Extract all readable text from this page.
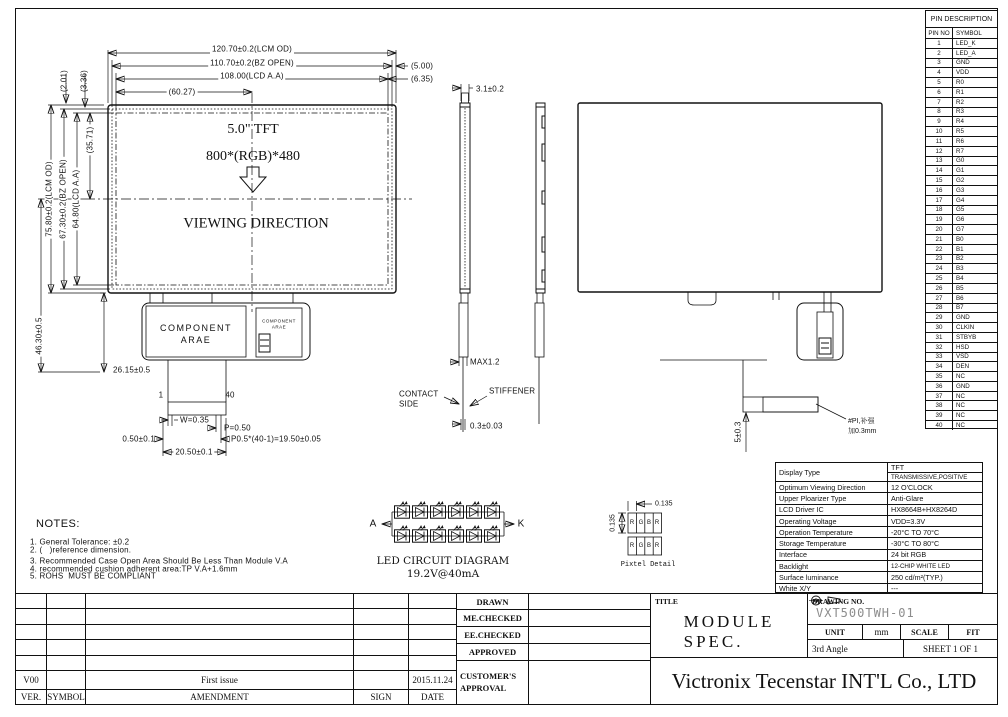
120.70±0.2(LCM OD)
110.70±0.2(BZ OPEN)
108.00(LCD A.A)
(60.27)
(5.00)
(6.35)
(2.01) (3.36)
(35.71)
75.80±0.2(LCM OD) 67.30±0.2(BZ OPEN) 64.80(LCD A.A)
46.30±0.5
26.15±0.5
5.0" TFT
800*(RGB)*480
VIEWING DIRECTION
COMPONENT
ARAE
COMPONENT
ARAE
1	40
W=0.35
P=0.50
0.50±0.1	P0.5*(40-1)=19.50±0.05
20.50±0.1
3.1±0.2
MAX1.2
CONTACT
SIDE
STIFFENER
0.3±0.03	5±0.3
#PI,补强
加0.3mm
A	K
LED CIRCUIT DIAGRAM
19.2V@40mA
0.135
0.135
R G B R
R G B R
Pixtel Detail
NOTES:
1. General Tolerance: ±0.2
2. (   )reference dimension.
3. Recommended Case Open Area Should Be Less Than Module V.A
4. recommended cushion adherent area:TP V.A+1.6mm
5. ROHS  MUST BE COMPLIANT
PIN DESCRIPTION
PIN NO	SYMBOL
1	LED_K
2	LED_A
3	GND
4	VDD
5	R0
6	R1
7	R2
8	R3
9	R4
10	R5
11	R6
12	R7
13	G0
14	G1
15	G2
16	G3
17	G4
18	G5
19	G6
20	G7
21	B0
22	B1
23	B2
24	B3
25	B4
26	B5
27	B6
28	B7
29	GND
30	CLKIN
31	STBYB
32	HSD
33	VSD
34	DEN
35	NC
36	GND
37	NC
38	NC
39	NC
40	NC
Display Type	TFT
TRANSMISSIVE,POSITIVE
Optimum Viewing Direction	12 O'CLOCK
Upper Ploarizer Type	Anti-Glare
LCD Driver IC	HX8664B+HX8264D
Operating Voltage	VDD=3.3V
Operation Temperature	-20°C TO 70°C
Storage Temperature	-30°C TO 80°C
Interface	24 bit RGB
Backlight	12-CHIP WHITE LED
Surface luminance	250 cd/m²(TYP.)
White X/Y	---
V00	First issue	2015.11.24
VER. SYMBOL	AMENDMENT	SIGN	DATE
DRAWN
ME.CHECKED
EE.CHECKED
APPROVED
CUSTOMER'S APPROVAL
TITLE
MODULE SPEC.
DRAWING NO.
VXT500TWH-01
UNIT	mm	SCALE	FIT
3rd Angle	SHEET 1 OF 1
Victronix Tecenstar INT'L Co., LTD
